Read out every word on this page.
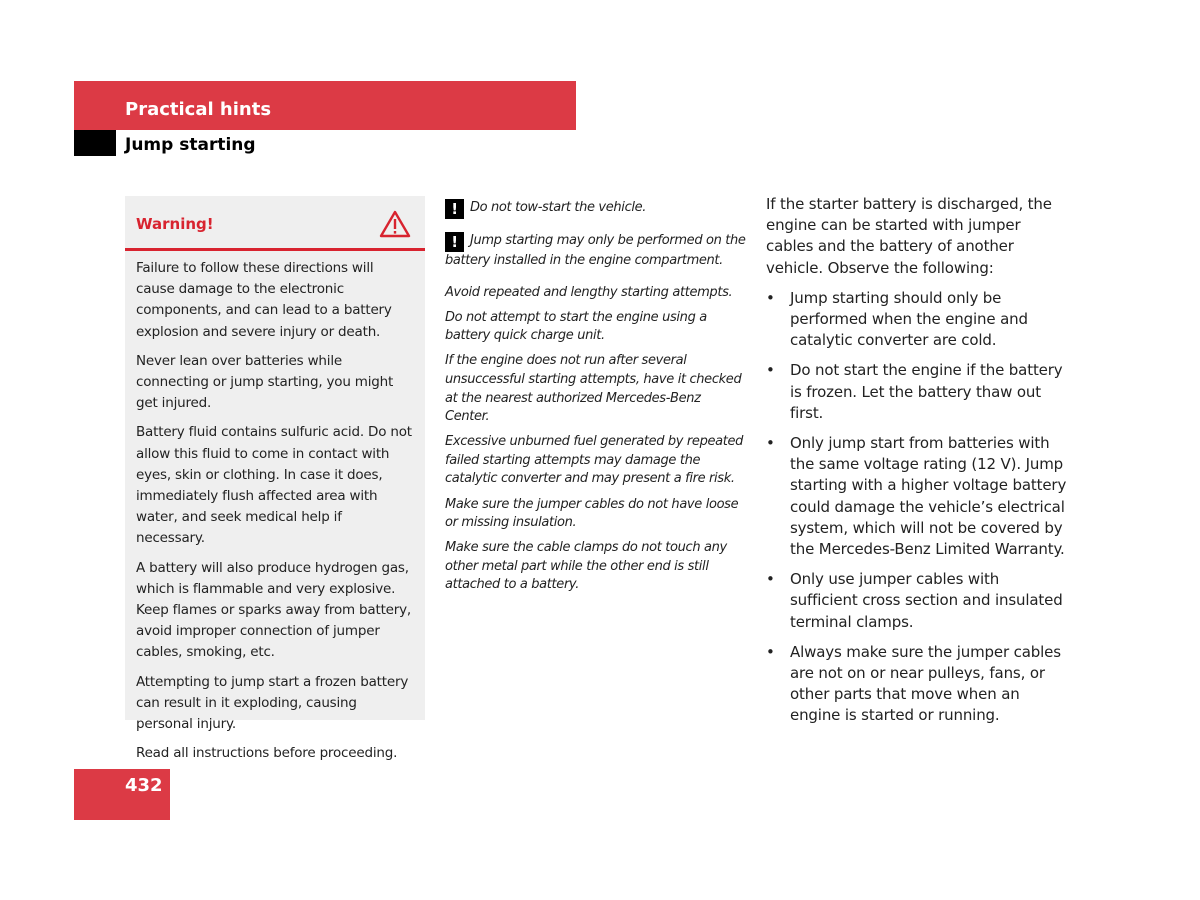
Practical hints
Jump starting
Warning!

Failure to follow these directions will cause damage to the electronic components, and can lead to a battery explosion and severe injury or death.

Never lean over batteries while connecting or jump starting, you might get injured.

Battery fluid contains sulfuric acid. Do not allow this fluid to come in contact with eyes, skin or clothing. In case it does, immediately flush affected area with water, and seek medical help if necessary.

A battery will also produce hydrogen gas, which is flammable and very explosive. Keep flames or sparks away from battery, avoid improper connection of jumper cables, smoking, etc.

Attempting to jump start a frozen battery can result in it exploding, causing personal injury.

Read all instructions before proceeding.

! Do not tow-start the vehicle.

! Jump starting may only be performed on the battery installed in the engine compartment.

Avoid repeated and lengthy starting attempts.

Do not attempt to start the engine using a battery quick charge unit.

If the engine does not run after several unsuccessful starting attempts, have it checked at the nearest authorized Mercedes-Benz Center.

Excessive unburned fuel generated by repeated failed starting attempts may damage the catalytic converter and may present a fire risk.

Make sure the jumper cables do not have loose or missing insulation.

Make sure the cable clamps do not touch any other metal part while the other end is still attached to a battery.

If the starter battery is discharged, the engine can be started with jumper cables and the battery of another vehicle. Observe the following:

• Jump starting should only be performed when the engine and catalytic converter are cold.
• Do not start the engine if the battery is frozen. Let the battery thaw out first.
• Only jump start from batteries with the same voltage rating (12 V). Jump starting with a higher voltage battery could damage the vehicle’s electrical system, which will not be covered by the Mercedes-Benz Limited Warranty.
• Only use jumper cables with sufficient cross section and insulated terminal clamps.
• Always make sure the jumper cables are not on or near pulleys, fans, or other parts that move when an engine is started or running.
432
